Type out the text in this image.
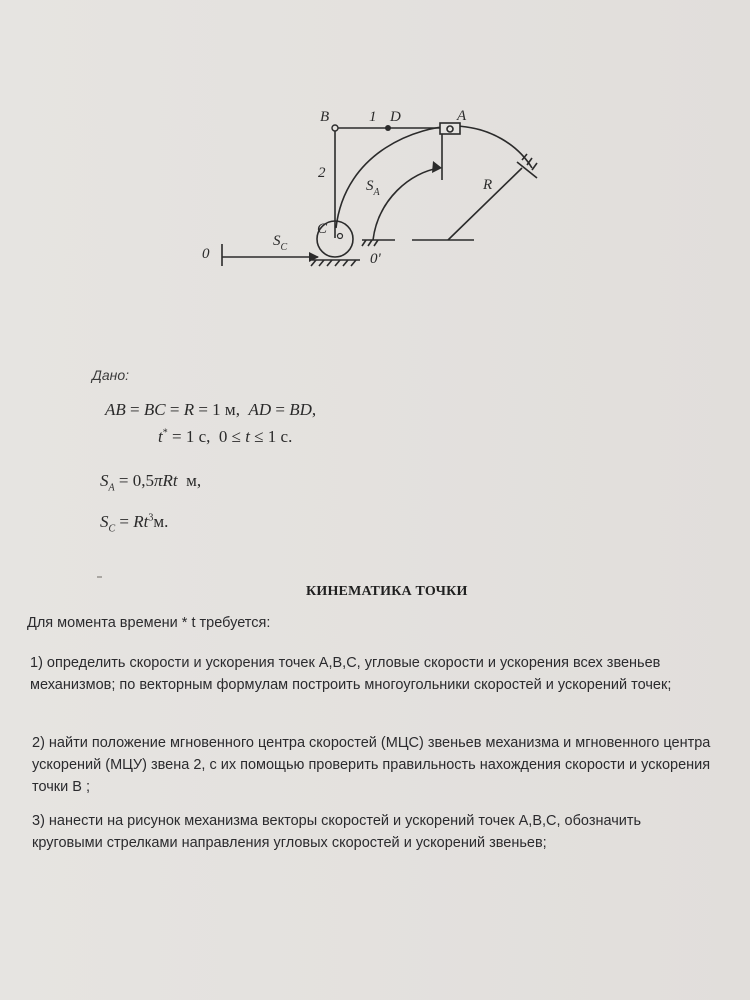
B	1 D	A
2
$S_A$	R
C
0
$S_C$
0'
Дано:
AB = BC = R = 1 м,  AD = BD,
t* = 1 c,  0 ≤ t ≤ 1 c.
$S_A = 0,5\pi Rt$  м,
$S_C = Rt^3м$.
КИНЕМАТИКА ТОЧКИ
Для момента времени * t требуется:
1) определить скорости и ускорения точек A,B,C, угловые скорости и ускорения всех звеньев механизмов; по векторным формулам построить многоугольники скоростей и ускорений точек;
2) найти положение мгновенного центра скоростей (МЦС) звеньев механизма и мгновенного центра ускорений (МЦУ) звена 2, с их помощью проверить правильность нахождения скорости и ускорения точки B ;
3) нанести на рисунок механизма векторы скоростей и ускорений точек A,B,C, обозначить круговыми стрелками направления угловых скоростей и ускорений звеньев;
